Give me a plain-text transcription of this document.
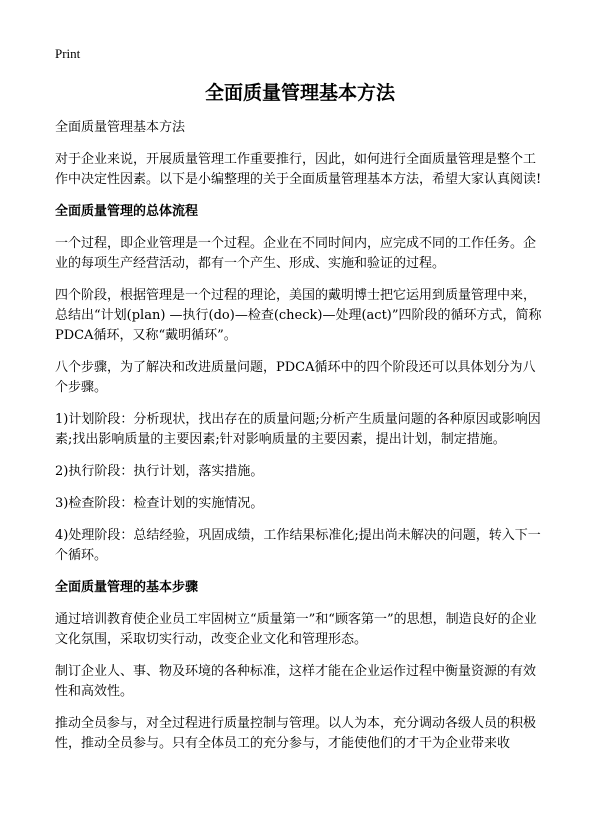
Print
全面质量管理基本方法

全面质量管理基本方法

对于企业来说，开展质量管理工作重要推行，因此，如何进行全面质量管理是整个工作中决定性因素。以下是小编整理的关于全面质量管理基本方法，希望大家认真阅读!

全面质量管理的总体流程

一个过程，即企业管理是一个过程。企业在不同时间内，应完成不同的工作任务。企业的每项生产经营活动，都有一个产生、形成、实施和验证的过程。

四个阶段，根据管理是一个过程的理论，美国的戴明博士把它运用到质量管理中来，总结出“计划(plan) —执行(do)—检查(check)—处理(act)”四阶段的循环方式，简称PDCA循环，又称“戴明循环”。

八个步骤，为了解决和改进质量问题，PDCA循环中的四个阶段还可以具体划分为八个步骤。

1)计划阶段：分析现状，找出存在的质量问题;分析产生质量问题的各种原因或影响因素;找出影响质量的主要因素;针对影响质量的主要因素，提出计划，制定措施。

2)执行阶段：执行计划，落实措施。

3)检查阶段：检查计划的实施情况。

4)处理阶段：总结经验，巩固成绩，工作结果标准化;提出尚未解决的问题，转入下一个循环。

全面质量管理的基本步骤

通过培训教育使企业员工牢固树立“质量第一”和“顾客第一”的思想，制造良好的企业文化氛围，采取切实行动，改变企业文化和管理形态。

制订企业人、事、物及环境的各种标准，这样才能在企业运作过程中衡量资源的有效性和高效性。

推动全员参与，对全过程进行质量控制与管理。以人为本，充分调动各级人员的积极性，推动全员参与。只有全体员工的充分参与，才能使他们的才干为企业带来收
